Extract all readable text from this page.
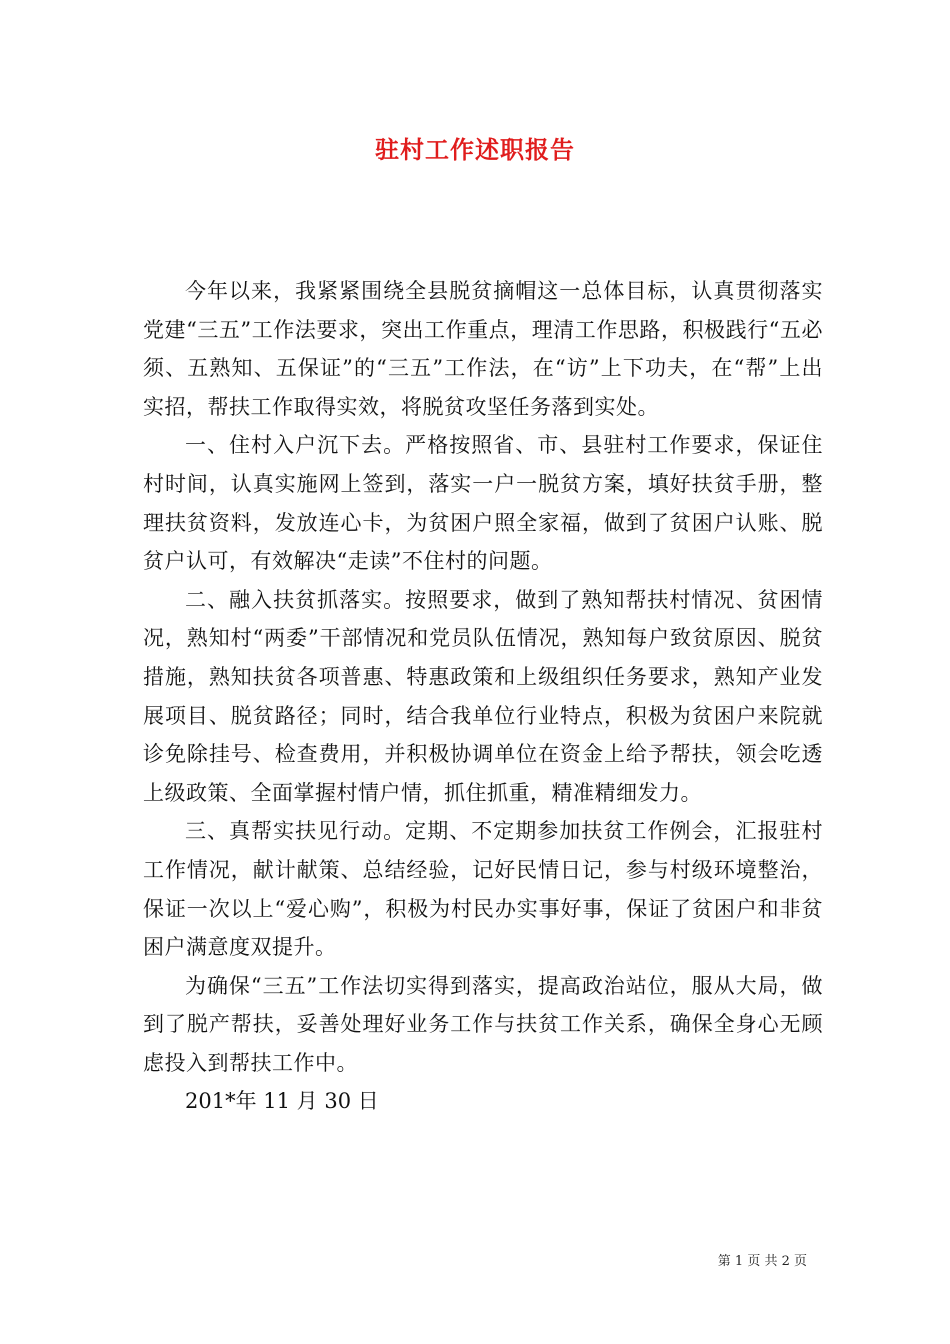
驻村工作述职报告

今年以来，我紧紧围绕全县脱贫摘帽这一总体目标，认真贯彻落实党建“三五”工作法要求，突出工作重点，理清工作思路，积极践行“五必须、五熟知、五保证”的“三五”工作法，在“访”上下功夫，在“帮”上出实招，帮扶工作取得实效，将脱贫攻坚任务落到实处。

一、住村入户沉下去。严格按照省、市、县驻村工作要求，保证住村时间，认真实施网上签到，落实一户一脱贫方案，填好扶贫手册，整理扶贫资料，发放连心卡，为贫困户照全家福，做到了贫困户认账、脱贫户认可，有效解决“走读”不住村的问题。

二、融入扶贫抓落实。按照要求，做到了熟知帮扶村情况、贫困情况，熟知村“两委”干部情况和党员队伍情况，熟知每户致贫原因、脱贫措施，熟知扶贫各项普惠、特惠政策和上级组织任务要求，熟知产业发展项目、脱贫路径；同时，结合我单位行业特点，积极为贫困户来院就诊免除挂号、检查费用，并积极协调单位在资金上给予帮扶，领会吃透上级政策、全面掌握村情户情，抓住抓重，精准精细发力。

三、真帮实扶见行动。定期、不定期参加扶贫工作例会，汇报驻村工作情况，献计献策、总结经验，记好民情日记，参与村级环境整治，保证一次以上“爱心购”，积极为村民办实事好事，保证了贫困户和非贫困户满意度双提升。

为确保“三五”工作法切实得到落实，提高政治站位，服从大局，做到了脱产帮扶，妥善处理好业务工作与扶贫工作关系，确保全身心无顾虑投入到帮扶工作中。

201*年 11 月 30 日

第 1 页 共 2 页
